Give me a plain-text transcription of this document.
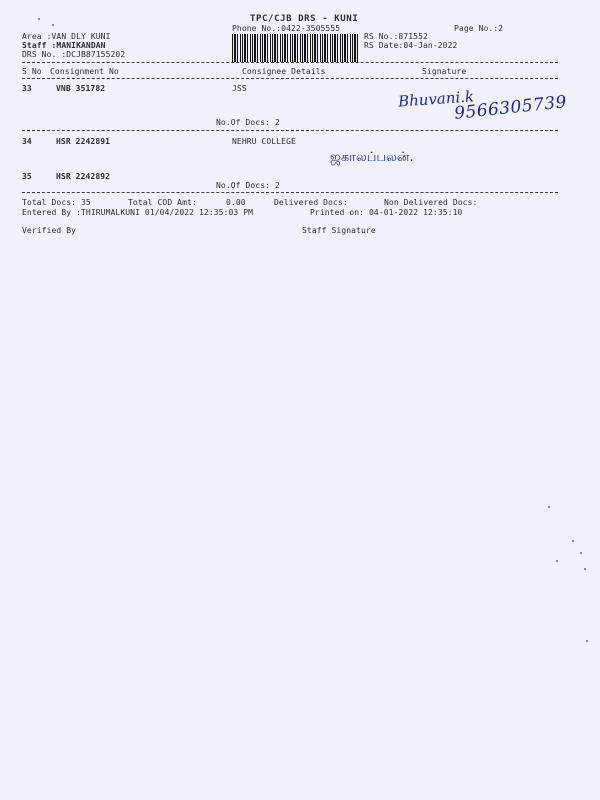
TPC/CJB DRS - KUNI
Phone No.:0422-3505555	Page No.:2
Area :VAN DLY KUNI
Staff :MANIKANDAN
DRS No. :DCJB87155202
RS No.:871552
RS Date:04-Jan-2022
S No Consignment No	Consignee Details	Signature
33	VNB 351782	JSS
No.Of Docs: 2
Bhuvani.k
9566305739
34	HSR 2242891	NEHRU COLLEGE
ஜகாலப்பலன்.
35	HSR 2242892
No.Of Docs: 2
Total Docs: 35	Total COD Amt:	0.00	Delivered Docs:	Non Delivered Docs:
Entered By :THIRUMALKUNI 01/04/2022 12:35:03 PM	Printed on: 04-01-2022 12:35:10
Verified By	Staff Signature
